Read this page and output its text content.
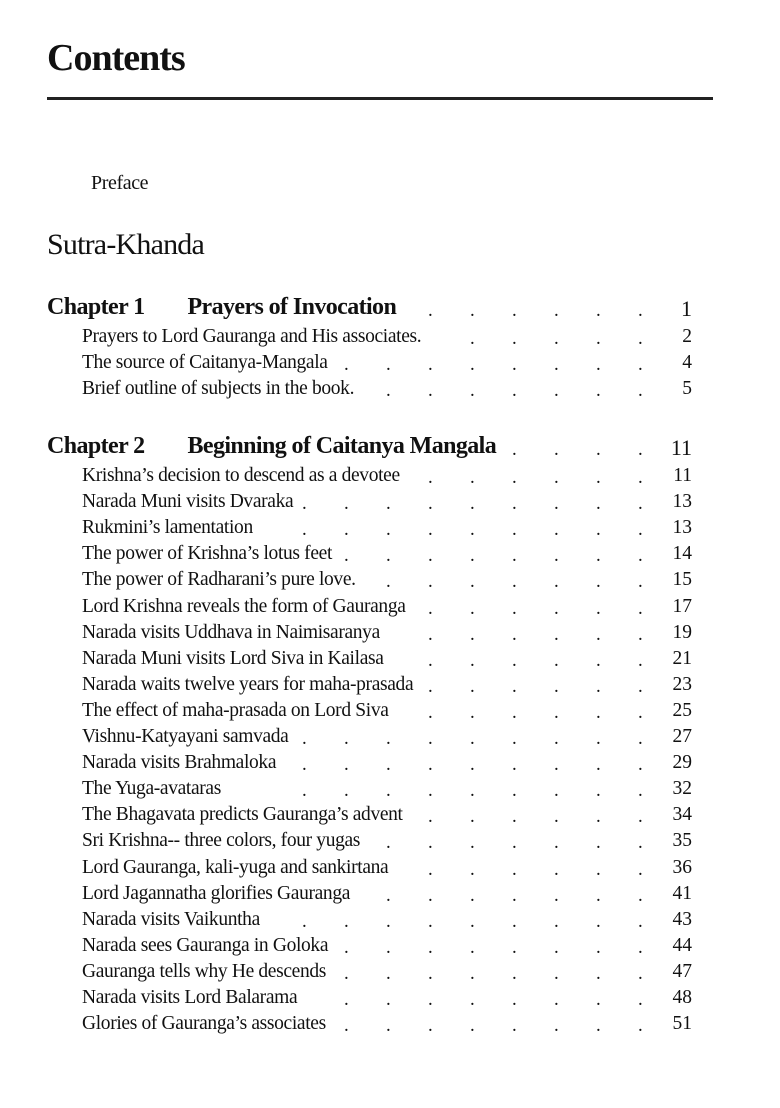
Contents
Preface
Sutra-Khanda
Chapter 1 Prayers of Invocation	1
. . . . . .
Prayers to Lord Gauranga and His associates.	2
. . . . .
The source of Caitanya-Mangala	4
. . . . . . . .
Brief outline of subjects in the book.	5
. . . . . . .
Chapter 2 Beginning of Caitanya Mangala	11
. . . .
Krishna’s decision to descend as a devotee	11
. . . . . .
Narada Muni visits Dvaraka	13
. . . . . . . . .
Rukmini’s lamentation	13
. . . . . . . . .
The power of Krishna’s lotus feet	14
. . . . . . . .
The power of Radharani’s pure love.	15
. . . . . . .
Lord Krishna reveals the form of Gauranga	17
. . . . . .
Narada visits Uddhava in Naimisaranya	19
. . . . . .
Narada Muni visits Lord Siva in Kailasa	21
. . . . . .
Narada waits twelve years for maha-prasada	23
. . . . . .
The effect of maha-prasada on Lord Siva	25
. . . . . .
Vishnu-Katyayani samvada	27
. . . . . . . . .
Narada visits Brahmaloka	29
. . . . . . . . .
The Yuga-avataras	32
. . . . . . . . .
The Bhagavata predicts Gauranga’s advent	34
. . . . . .
Sri Krishna-- three colors, four yugas	35
. . . . . . .
Lord Gauranga, kali-yuga and sankirtana	36
. . . . . .
Lord Jagannatha glorifies Gauranga	41
. . . . . . .
Narada visits Vaikuntha	43
. . . . . . . . .
Narada sees Gauranga in Goloka	44
. . . . . . . .
Gauranga tells why He descends	47
. . . . . . . .
Narada visits Lord Balarama	48
. . . . . . . .
Glories of Gauranga’s associates	51
. . . . . . . .
